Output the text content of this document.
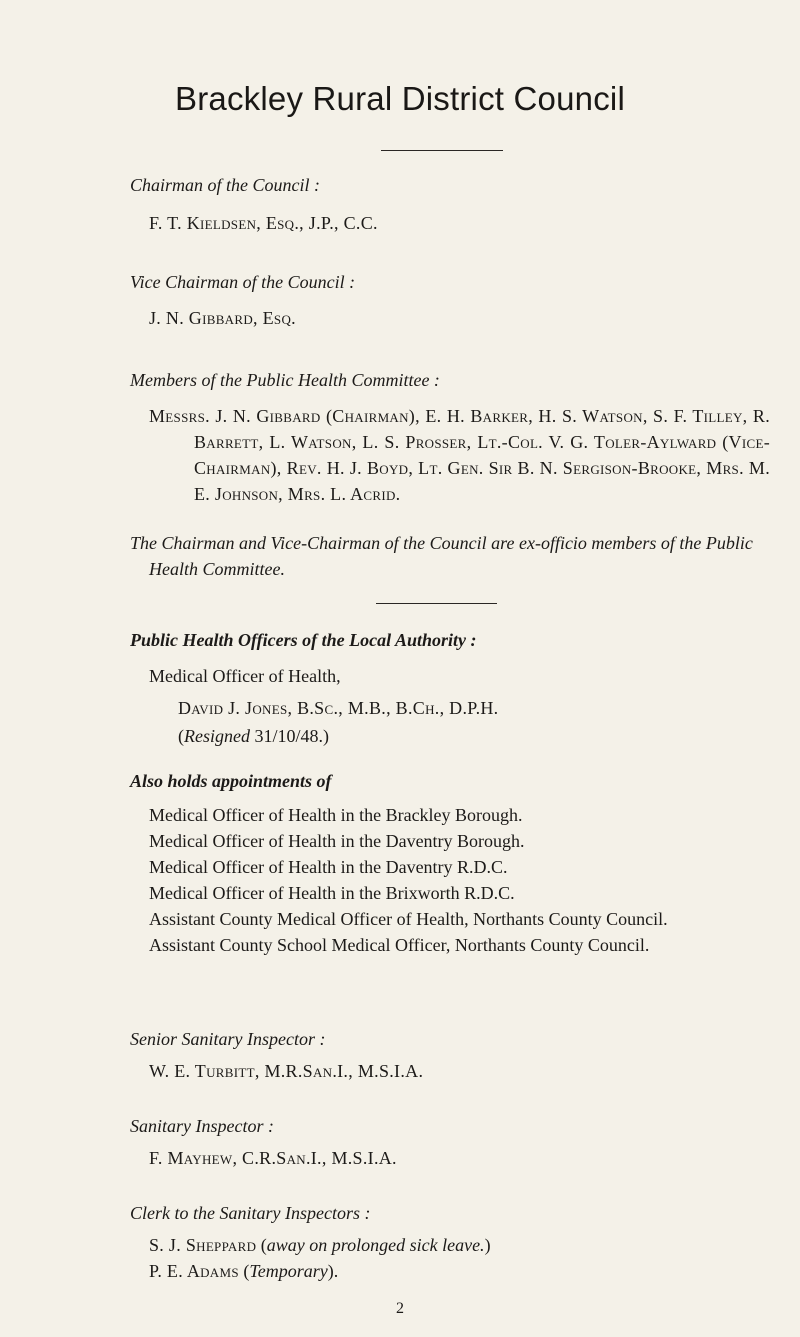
Brackley Rural District Council

Chairman of the Council :

F. T. Kieldsen, Esq., J.P., C.C.

Vice Chairman of the Council :

J. N. Gibbard, Esq.

Members of the Public Health Committee :

Messrs. J. N. Gibbard (Chairman), E. H. Barker, H. S. Watson, S. F. Tilley, R. Barrett, L. Watson, L. S. Prosser, Lt.-Col. V. G. Toler-Aylward (Vice-Chairman), Rev. H. J. Boyd, Lt. Gen. Sir B. N. Sergison-Brooke, Mrs. M. E. Johnson, Mrs. L. Acrid.

The Chairman and Vice-Chairman of the Council are ex-officio members of the Public Health Committee.

Public Health Officers of the Local Authority :

Medical Officer of Health,

David J. Jones, B.Sc., M.B., B.Ch., D.P.H.

(Resigned 31/10/48.)

Also holds appointments of

Medical Officer of Health in the Brackley Borough.

Medical Officer of Health in the Daventry Borough.

Medical Officer of Health in the Daventry R.D.C.

Medical Officer of Health in the Brixworth R.D.C.

Assistant County Medical Officer of Health, Northants County Council.

Assistant County School Medical Officer, Northants County Council.

Senior Sanitary Inspector :

W. E. Turbitt, M.R.San.I., M.S.I.A.

Sanitary Inspector :

F. Mayhew, C.R.San.I., M.S.I.A.

Clerk to the Sanitary Inspectors :

S. J. Sheppard (away on prolonged sick leave.)

P. E. Adams (Temporary).

2
